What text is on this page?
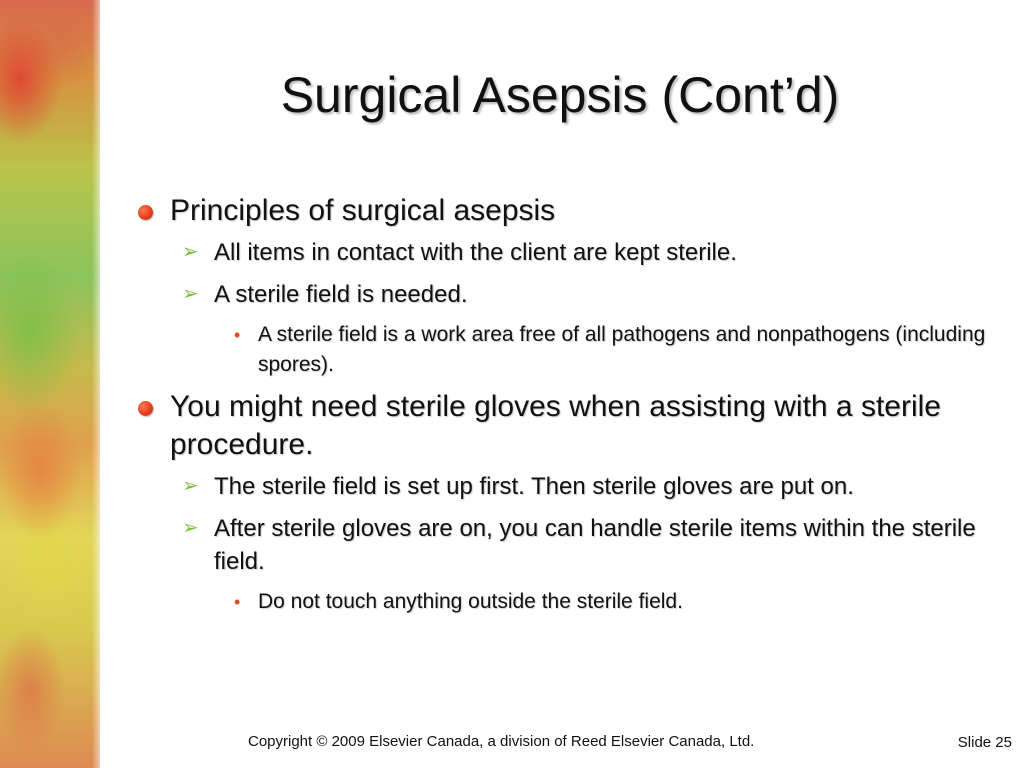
Surgical Asepsis (Cont’d)
Principles of surgical asepsis
➢ All items in contact with the client are kept sterile.
➢ A sterile field is needed.
• A sterile field is a work area free of all pathogens and nonpathogens (including spores).
You might need sterile gloves when assisting with a sterile procedure.
➢ The sterile field is set up first. Then sterile gloves are put on.
➢ After sterile gloves are on, you can handle sterile items within the sterile field.
• Do not touch anything outside the sterile field.
Copyright © 2009 Elsevier Canada, a division of Reed Elsevier Canada, Ltd.	Slide 25
